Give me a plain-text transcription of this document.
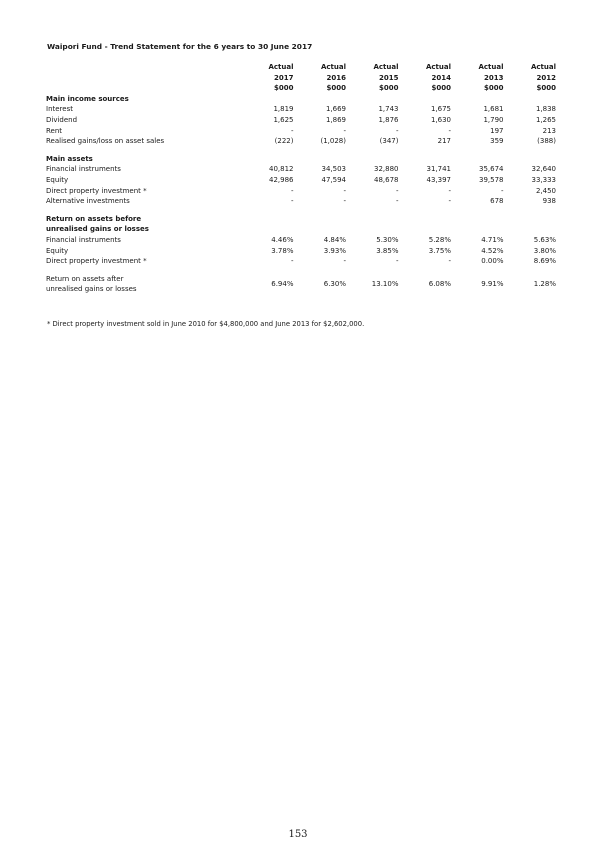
Waipori Fund - Trend Statement for the 6 years to 30 June 2017
	Actual	Actual	Actual	Actual	Actual	Actual
	2017	2016	2015	2014	2013	2012
	$000	$000	$000	$000	$000	$000
Main income sources						
Interest	1,819	1,669	1,743	1,675	1,681	1,838
Dividend	1,625	1,869	1,876	1,630	1,790	1,265
Rent	-	-	-	-	197	213
Realised gains/loss on asset sales	(222)	(1,028)	(347)	217	359	(388)

Main assets						
Financial instruments	40,812	34,503	32,880	31,741	35,674	32,640
Equity	42,986	47,594	48,678	43,397	39,578	33,333
Direct property investment *	-	-	-	-	-	2,450
Alternative investments	-	-	-	-	678	938

Return on assets before						
unrealised gains or losses						
Financial instruments	4.46%	4.84%	5.30%	5.28%	4.71%	5.63%
Equity	3.78%	3.93%	3.85%	3.75%	4.52%	3.80%
Direct property investment *	-	-	-	-	0.00%	8.69%

Return on assets after
unrealised gains or losses	6.94%	6.30%	13.10%	6.08%	9.91%	1.28%
* Direct property investment sold in June 2010 for $4,800,000 and June 2013 for $2,602,000.
153
